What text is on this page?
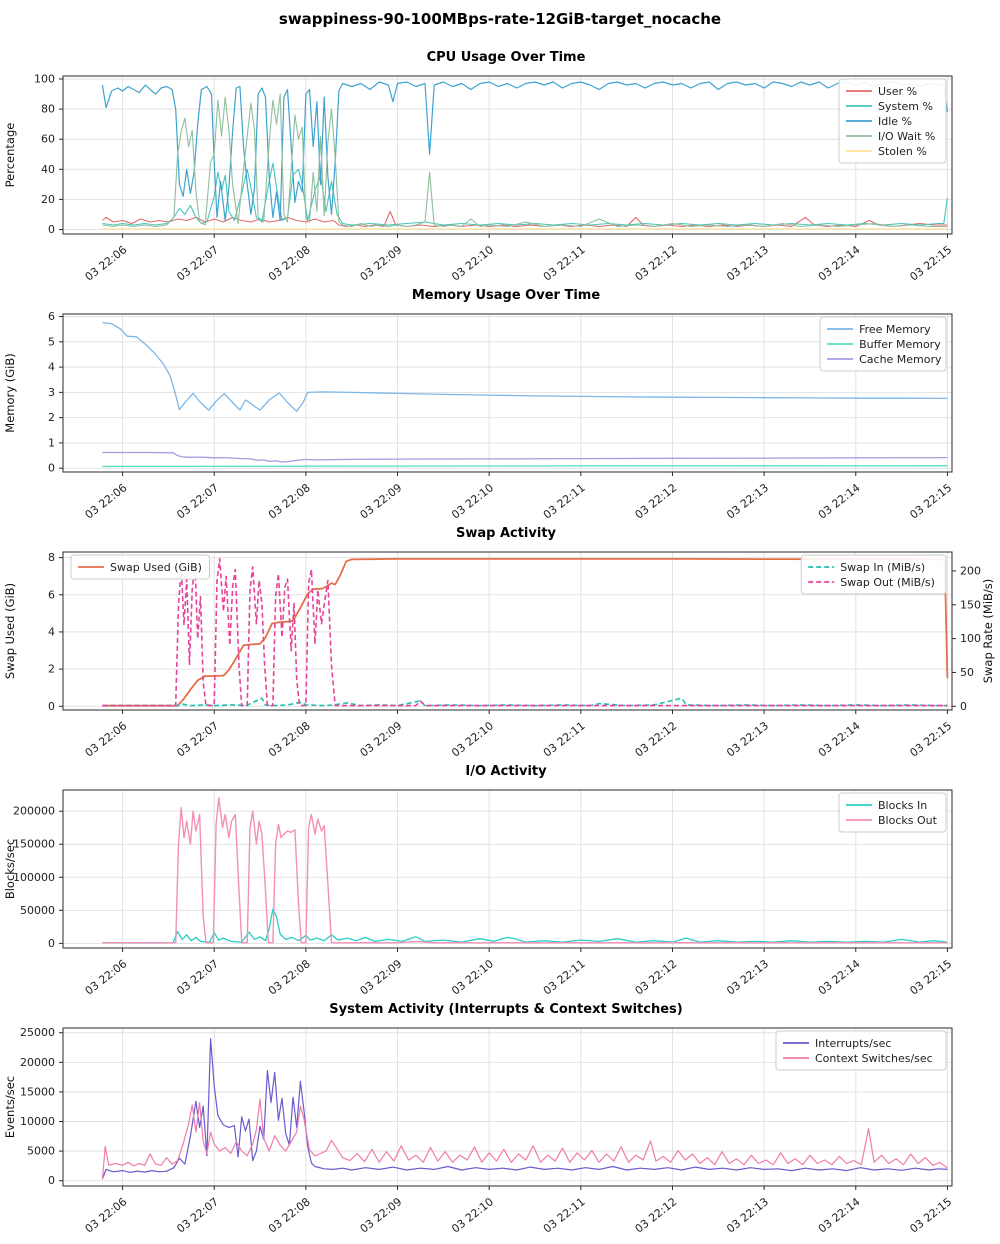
swappiness-90-100MBps-rate-12GiB-target_nocache
CPU Usage Over Time
03 22:06	03 22:07	03 22:08	03 22:09	03 22:10	03 22:11	03 22:12	03 22:13	03 22:14	03 22:15
0
20
40
60
80
100
Percentage
User %
System %
Idle %
I/O Wait %
Stolen %
Memory Usage Over Time
03 22:06	03 22:07	03 22:08	03 22:09	03 22:10	03 22:11	03 22:12	03 22:13	03 22:14	03 22:15
0
1
2
3
4
5
6
Memory (GiB)
Free Memory
Buffer Memory
Cache Memory
Swap Activity
03 22:06	03 22:07	03 22:08	03 22:09	03 22:10	03 22:11	03 22:12	03 22:13	03 22:14	03 22:15
0
2
4
6
8
0
50
100
150
200
Swap Used (GiB)	Swap Rate (MiB/s)
Swap Used (GiB)	Swap In (MiB/s)
Swap Out (MiB/s)
I/O Activity
03 22:06	03 22:07	03 22:08	03 22:09	03 22:10	03 22:11	03 22:12	03 22:13	03 22:14	03 22:15
0
50000
100000
150000
200000
Blocks/sec
Blocks In
Blocks Out
System Activity (Interrupts & Context Switches)
03 22:06	03 22:07	03 22:08	03 22:09	03 22:10	03 22:11	03 22:12	03 22:13	03 22:14	03 22:15
0
5000
10000
15000
20000
25000
Events/sec
Interrupts/sec
Context Switches/sec
